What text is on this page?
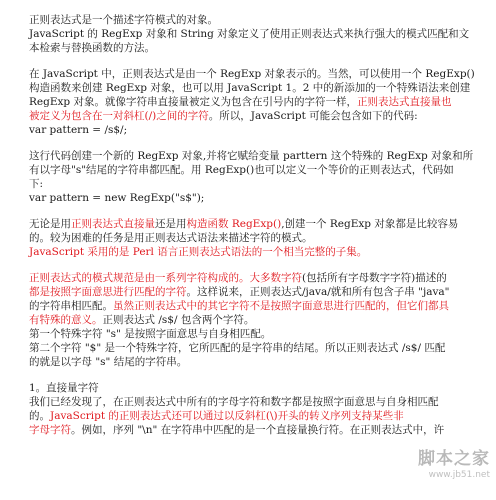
正则表达式是一个描述字符模式的对象。
JavaScript 的 RegExp 对象和 String 对象定义了使用正则表达式来执行强大的模式匹配和文
本检索与替换函数的方法。

在 JavaScript 中，正则表达式是由一个 RegExp 对象表示的。当然，可以使用一个 RegExp()
构造函数来创建 RegExp 对象，也可以用 JavaScript 1。2 中的新添加的一个特殊语法来创建
RegExp 对象。就像字符串直接量被定义为包含在引号内的字符一样，正则表达式直接量也
被定义为包含在一对斜杠(/)之间的字符。所以，JavaScript 可能会包含如下的代码:
var pattern = /s$/;

这行代码创建一个新的 RegExp 对象,并将它赋给变量 parttern 这个特殊的 RegExp 对象和所
有以字母"s"结尾的字符串都匹配。用 RegExp()也可以定义一个等价的正则表达式，代码如
下:
var pattern = new RegExp("s$");

无论是用正则表达式直接量还是用构造函数 RegExp(),创建一个 RegExp 对象都是比较容易
的。较为困难的任务是用正则表达式语法来描述字符的模式。
JavaScript 采用的是 Perl 语言正则表达式语法的一个相当完整的子集。

正则表达式的模式规范是由一系列字符构成的。大多数字符(包括所有字母数字字符)描述的
都是按照字面意思进行匹配的字符。这样说来，正则表达式/java/就和所有包含子串 "java"
的字符串相匹配。虽然正则表达式中的其它字符不是按照字面意思进行匹配的，但它们都具
有特殊的意义。正则表达式 /s$/ 包含两个字符。
第一个特殊字符 "s" 是按照字面意思与自身相匹配。
第二个字符 "$" 是一个特殊字符，它所匹配的是字符串的结尾。所以正则表达式 /s$/ 匹配
的就是以字母 "s" 结尾的字符串。

1。直接量字符
我们已经发现了，在正则表达式中所有的字母字符和数字都是按照字面意思与自身相匹配
的。JavaScript 的正则表达式还可以通过以反斜杠(\)开头的转义序列支持某些非
字母字符。例如，序列 "\n" 在字符串中匹配的是一个直接量换行符。在正则表达式中，许

脚本之家
www.jb51.net
